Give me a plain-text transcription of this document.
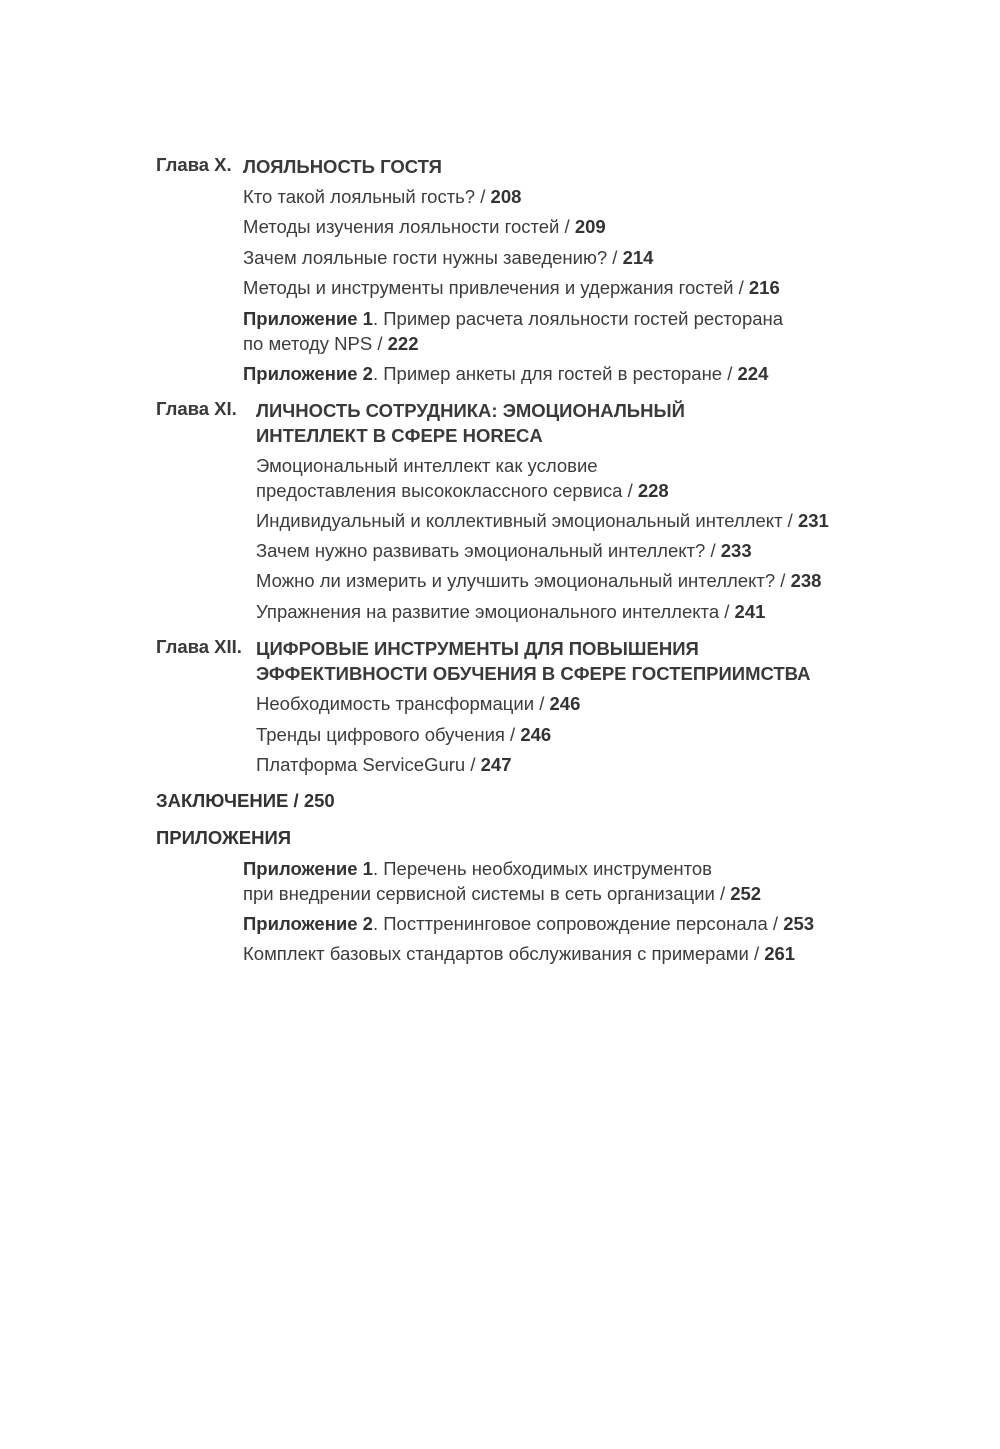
Глава X. ЛОЯЛЬНОСТЬ ГОСТЯ
Кто такой лояльный гость? / 208
Методы изучения лояльности гостей / 209
Зачем лояльные гости нужны заведению? / 214
Методы и инструменты привлечения и удержания гостей / 216
Приложение 1. Пример расчета лояльности гостей ресторана
по методу NPS / 222
Приложение 2. Пример анкеты для гостей в ресторане / 224
Глава XI. ЛИЧНОСТЬ СОТРУДНИКА: ЭМОЦИОНАЛЬНЫЙ
ИНТЕЛЛЕКТ В СФЕРЕ HORECA
Эмоциональный интеллект как условие
предоставления высококлассного сервиса / 228
Индивидуальный и коллективный эмоциональный интеллект / 231
Зачем нужно развивать эмоциональный интеллект? / 233
Можно ли измерить и улучшить эмоциональный интеллект? / 238
Упражнения на развитие эмоционального интеллекта / 241
Глава XII. ЦИФРОВЫЕ ИНСТРУМЕНТЫ ДЛЯ ПОВЫШЕНИЯ
ЭФФЕКТИВНОСТИ ОБУЧЕНИЯ В СФЕРЕ ГОСТЕПРИИМСТВА
Необходимость трансформации / 246
Тренды цифрового обучения / 246
Платформа ServiceGuru / 247
ЗАКЛЮЧЕНИЕ / 250
ПРИЛОЖЕНИЯ
Приложение 1. Перечень необходимых инструментов
при внедрении сервисной системы в сеть организации / 252
Приложение 2. Посттренинговое сопровождение персонала / 253
Комплект базовых стандартов обслуживания с примерами / 261
